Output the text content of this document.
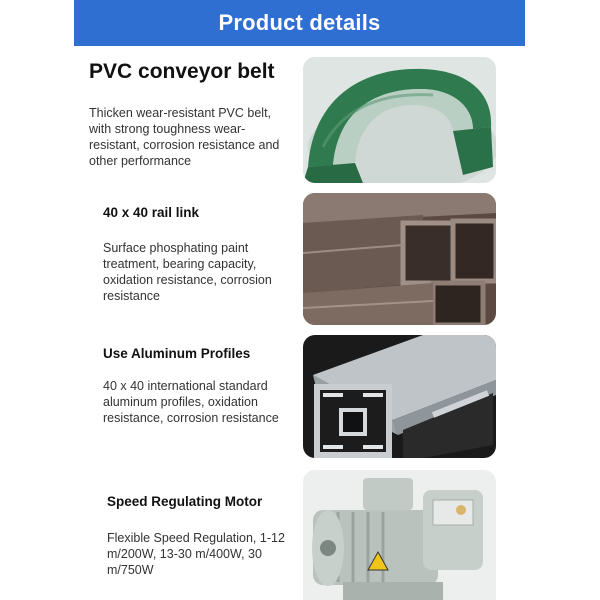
Product details
PVC conveyor belt
Thicken wear-resistant PVC belt, with strong toughness wear-resistant, corrosion resistance and other performance
40 x 40 rail link
Surface phosphating paint treatment, bearing capacity, oxidation resistance, corrosion resistance
Use Aluminum Profiles
40 x 40 international standard aluminum profiles, oxidation resistance, corrosion resistance
Speed Regulating Motor
Flexible Speed Regulation, 1-12 m/200W, 13-30 m/400W, 30 m/750W
